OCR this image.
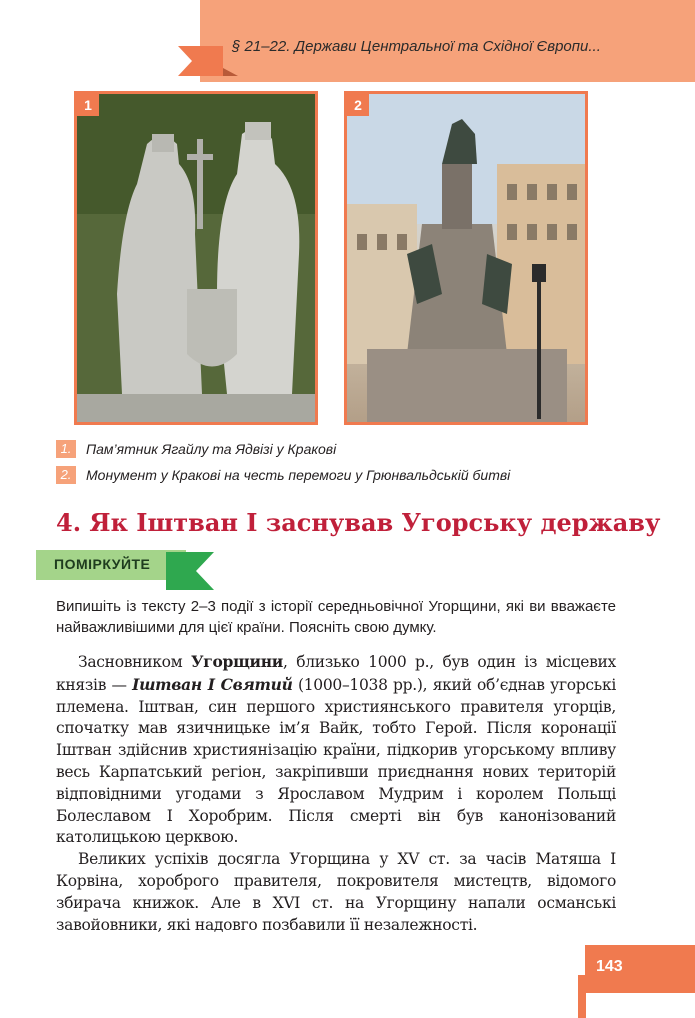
§ 21–22. Держави Центральної та Східної Європи...
1	2
1.	Пам’ятник Ягайлу та Ядвізі у Кракові
2.	Монумент у Кракові на честь перемоги у Грюнвальдській битві
4. Як Іштван І заснував Угорську державу
ПОМІРКУЙТЕ
Випишіть із тексту 2–3 події з історії середньовічної Угорщини, які ви вважаєте найважливішими для цієї країни. Поясніть свою думку.

Засновником Угорщини, близько 1000 р., був один із місцевих князів — Іштван І Святий (1000–1038 рр.), який об’єднав угорські племена. Іштван, син першого християнського правителя угорців, спочатку мав язичницьке ім’я Вайк, тобто Герой. Після коронації Іштван здійснив християнізацію країни, підкорив угорському впливу весь Карпатський регіон, закріпивши приєднання нових територій відповідними угодами з Ярославом Мудрим і королем Польщі Болеславом І Хоробрим. Після смерті він був канонізований католицькою церквою.

Великих успіхів досягла Угорщина у XV ст. за часів Матяша І Корвіна, хороброго правителя, покровителя мистецтв, відомого збирача книжок. Але в XVI ст. на Угорщину напали османські завойовники, які надовго позбавили її незалежності.

143
